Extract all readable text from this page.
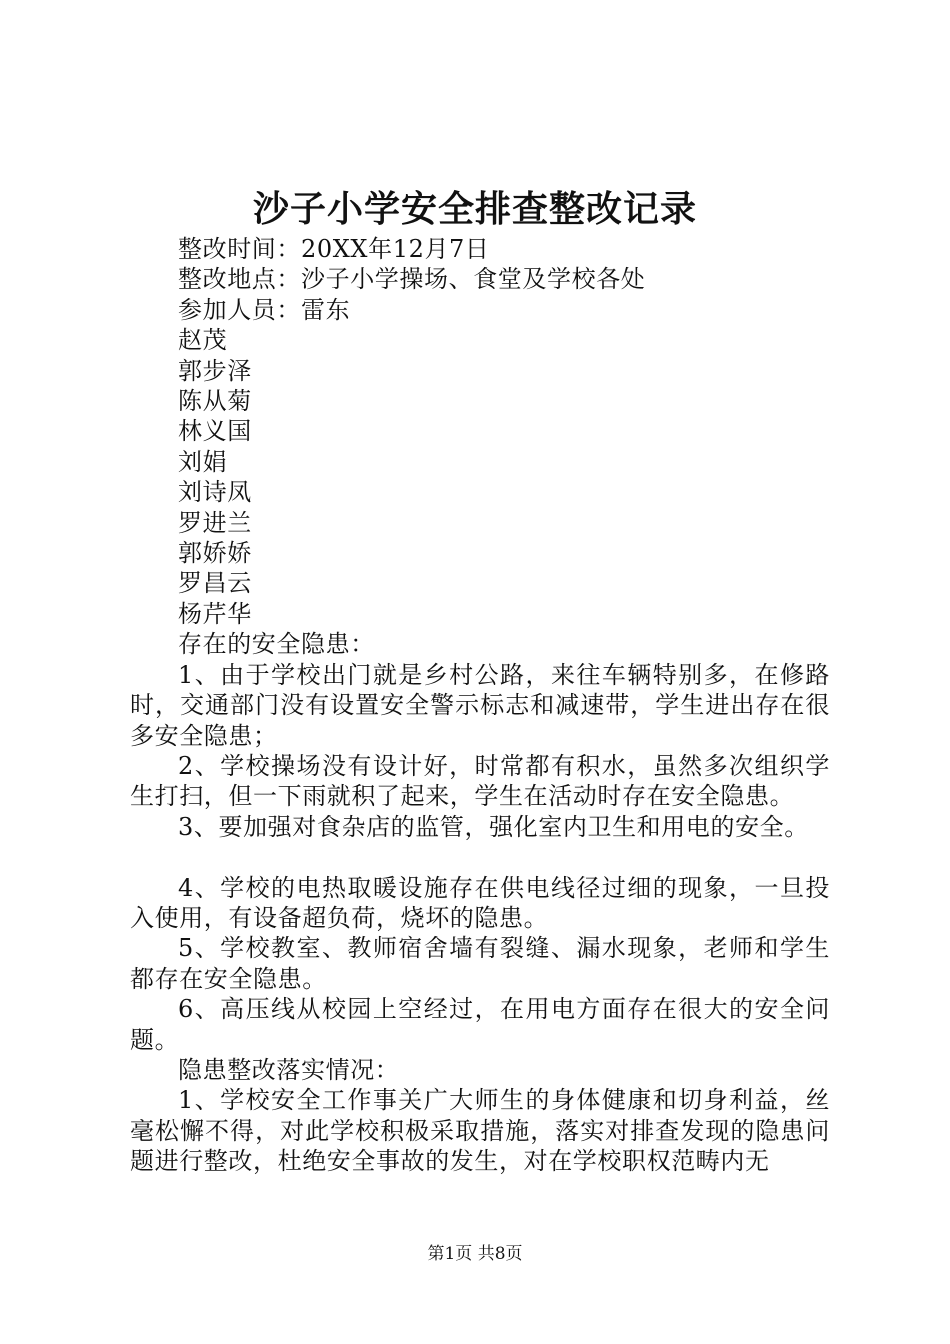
沙子小学安全排查整改记录

整改时间：20XX年12月7日

整改地点：沙子小学操场、食堂及学校各处

参加人员：雷东

赵茂

郭步泽

陈从菊

林义国

刘娟

刘诗凤

罗进兰

郭娇娇

罗昌云

杨芹华

存在的安全隐患：

1、由于学校出门就是乡村公路，来往车辆特别多，在修路时，交通部门没有设置安全警示标志和减速带，学生进出存在很多安全隐患；

2、学校操场没有设计好，时常都有积水，虽然多次组织学生打扫，但一下雨就积了起来，学生在活动时存在安全隐患。

3、要加强对食杂店的监管，强化室内卫生和用电的安全。

4、学校的电热取暖设施存在供电线径过细的现象，一旦投入使用，有设备超负荷，烧坏的隐患。

5、学校教室、教师宿舍墙有裂缝、漏水现象，老师和学生都存在安全隐患。

6、高压线从校园上空经过，在用电方面存在很大的安全问题。

隐患整改落实情况：

1、学校安全工作事关广大师生的身体健康和切身利益，丝毫松懈不得，对此学校积极采取措施，落实对排查发现的隐患问题进行整改，杜绝安全事故的发生，对在学校职权范畴内无

第1页 共8页
